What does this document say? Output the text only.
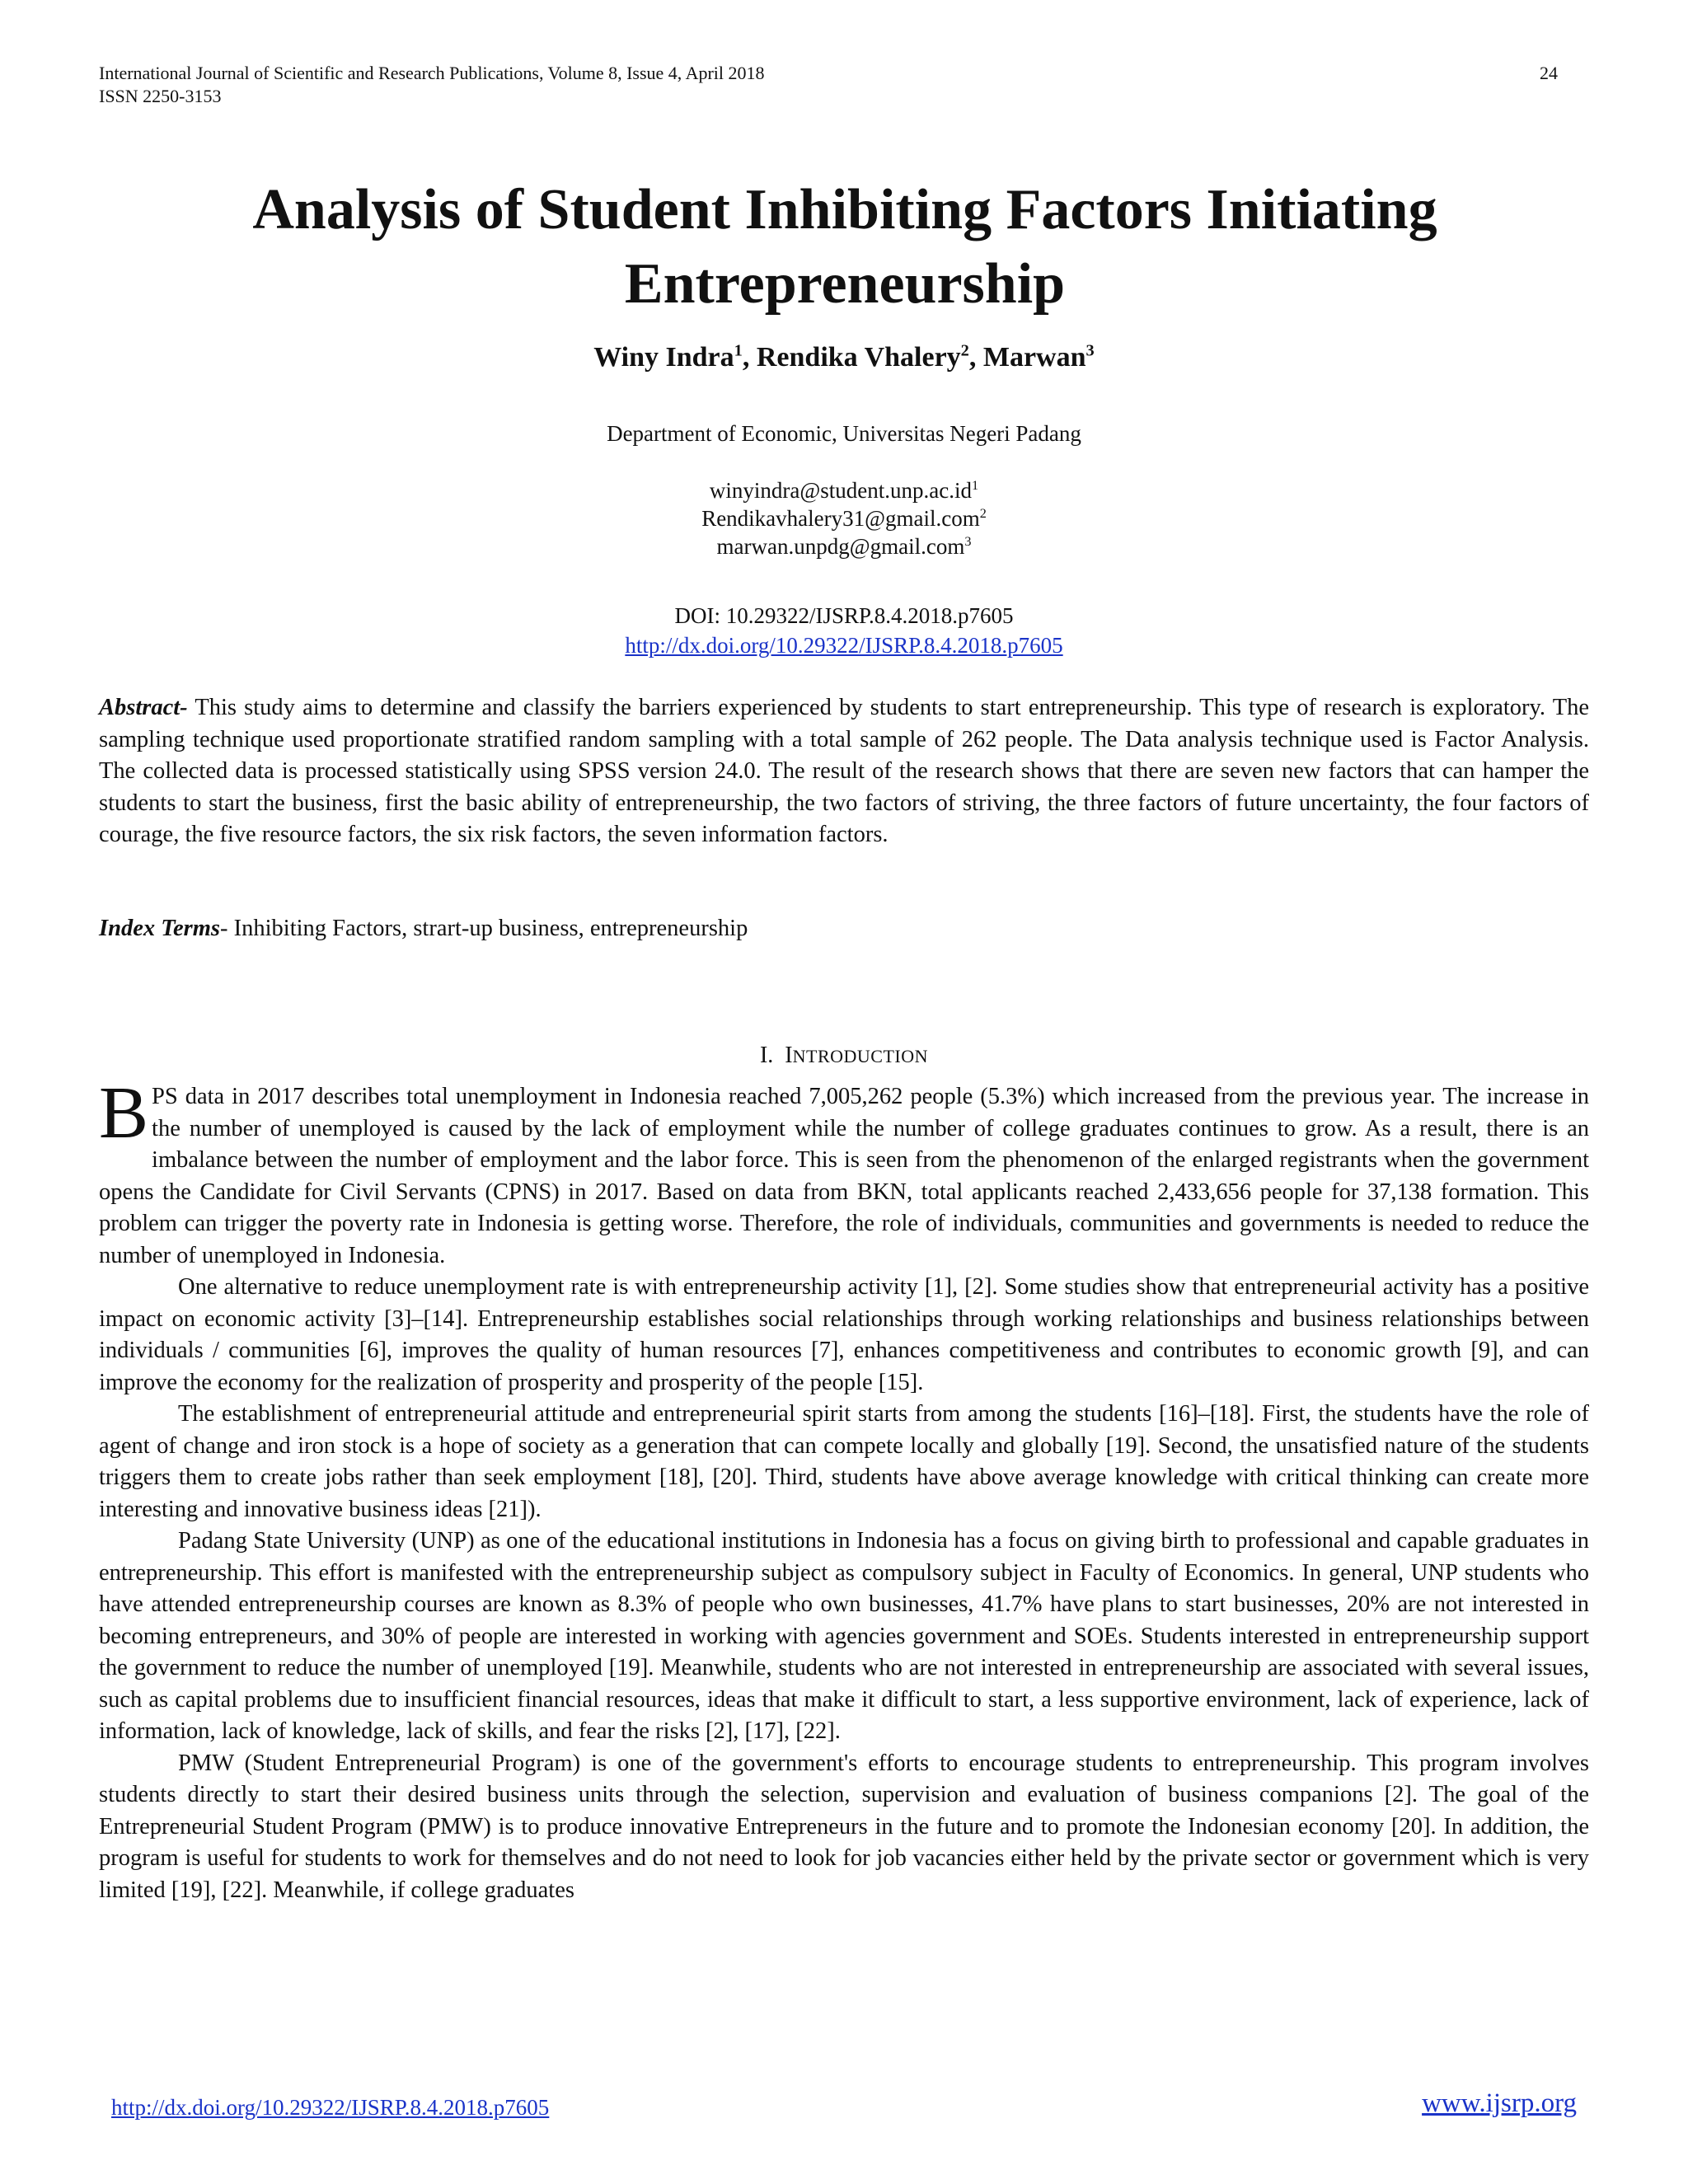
International Journal of Scientific and Research Publications, Volume 8, Issue 4, April 2018
ISSN 2250-3153
24
Analysis of Student Inhibiting Factors Initiating Entrepreneurship
Winy Indra$^1$, Rendika Vhalery$^2$, Marwan$^3$
Department of Economic, Universitas Negeri Padang
$winyindra@student.unp.ac.id^1$
Rendikavhalery31@gmail.com$^2$
marwan.unpdg@gmail.com$^3$
DOI: 10.29322/IJSRP.8.4.2018.p7605
http://dx.doi.org/10.29322/IJSRP.8.4.2018.p7605

Abstract- This study aims to determine and classify the barriers experienced by students to start entrepreneurship. This type of research is exploratory. The sampling technique used proportionate stratified random sampling with a total sample of 262 people. The Data analysis technique used is Factor Analysis. The collected data is processed statistically using SPSS version 24.0. The result of the research shows that there are seven new factors that can hamper the students to start the business, first the basic ability of entrepreneurship, the two factors of striving, the three factors of future uncertainty, the four factors of courage, the five resource factors, the six risk factors, the seven information factors.

Index Terms- Inhibiting Factors, strart-up business, entrepreneurship

I. INTRODUCTION

BPS data in 2017 describes total unemployment in Indonesia reached 7,005,262 people (5.3%) which increased from the previous year. The increase in the number of unemployed is caused by the lack of employment while the number of college graduates continues to grow. As a result, there is an imbalance between the number of employment and the labor force. This is seen from the phenomenon of the enlarged registrants when the government opens the Candidate for Civil Servants (CPNS) in 2017. Based on data from BKN, total applicants reached 2,433,656 people for 37,138 formation. This problem can trigger the poverty rate in Indonesia is getting worse. Therefore, the role of individuals, communities and governments is needed to reduce the number of unemployed in Indonesia.

One alternative to reduce unemployment rate is with entrepreneurship activity [1], [2]. Some studies show that entrepreneurial activity has a positive impact on economic activity [3]–[14]. Entrepreneurship establishes social relationships through working relationships and business relationships between individuals / communities [6], improves the quality of human resources [7], enhances competitiveness and contributes to economic growth [9], and can improve the economy for the realization of prosperity and prosperity of the people [15].

The establishment of entrepreneurial attitude and entrepreneurial spirit starts from among the students [16]–[18]. First, the students have the role of agent of change and iron stock is a hope of society as a generation that can compete locally and globally [19]. Second, the unsatisfied nature of the students triggers them to create jobs rather than seek employment [18], [20]. Third, students have above average knowledge with critical thinking can create more interesting and innovative business ideas [21]).

Padang State University (UNP) as one of the educational institutions in Indonesia has a focus on giving birth to professional and capable graduates in entrepreneurship. This effort is manifested with the entrepreneurship subject as compulsory subject in Faculty of Economics. In general, UNP students who have attended entrepreneurship courses are known as 8.3% of people who own businesses, 41.7% have plans to start businesses, 20% are not interested in becoming entrepreneurs, and 30% of people are interested in working with agencies government and SOEs. Students interested in entrepreneurship support the government to reduce the number of unemployed [19]. Meanwhile, students who are not interested in entrepreneurship are associated with several issues, such as capital problems due to insufficient financial resources, ideas that make it difficult to start, a less supportive environment, lack of experience, lack of information, lack of knowledge, lack of skills, and fear the risks [2], [17], [22].

PMW (Student Entrepreneurial Program) is one of the government's efforts to encourage students to entrepreneurship. This program involves students directly to start their desired business units through the selection, supervision and evaluation of business companions [2]. The goal of the Entrepreneurial Student Program (PMW) is to produce innovative Entrepreneurs in the future and to promote the Indonesian economy [20]. In addition, the program is useful for students to work for themselves and do not need to look for job vacancies either held by the private sector or government which is very limited [19], [22]. Meanwhile, if college graduates

http://dx.doi.org/10.29322/IJSRP.8.4.2018.p7605	www.ijsrp.org
